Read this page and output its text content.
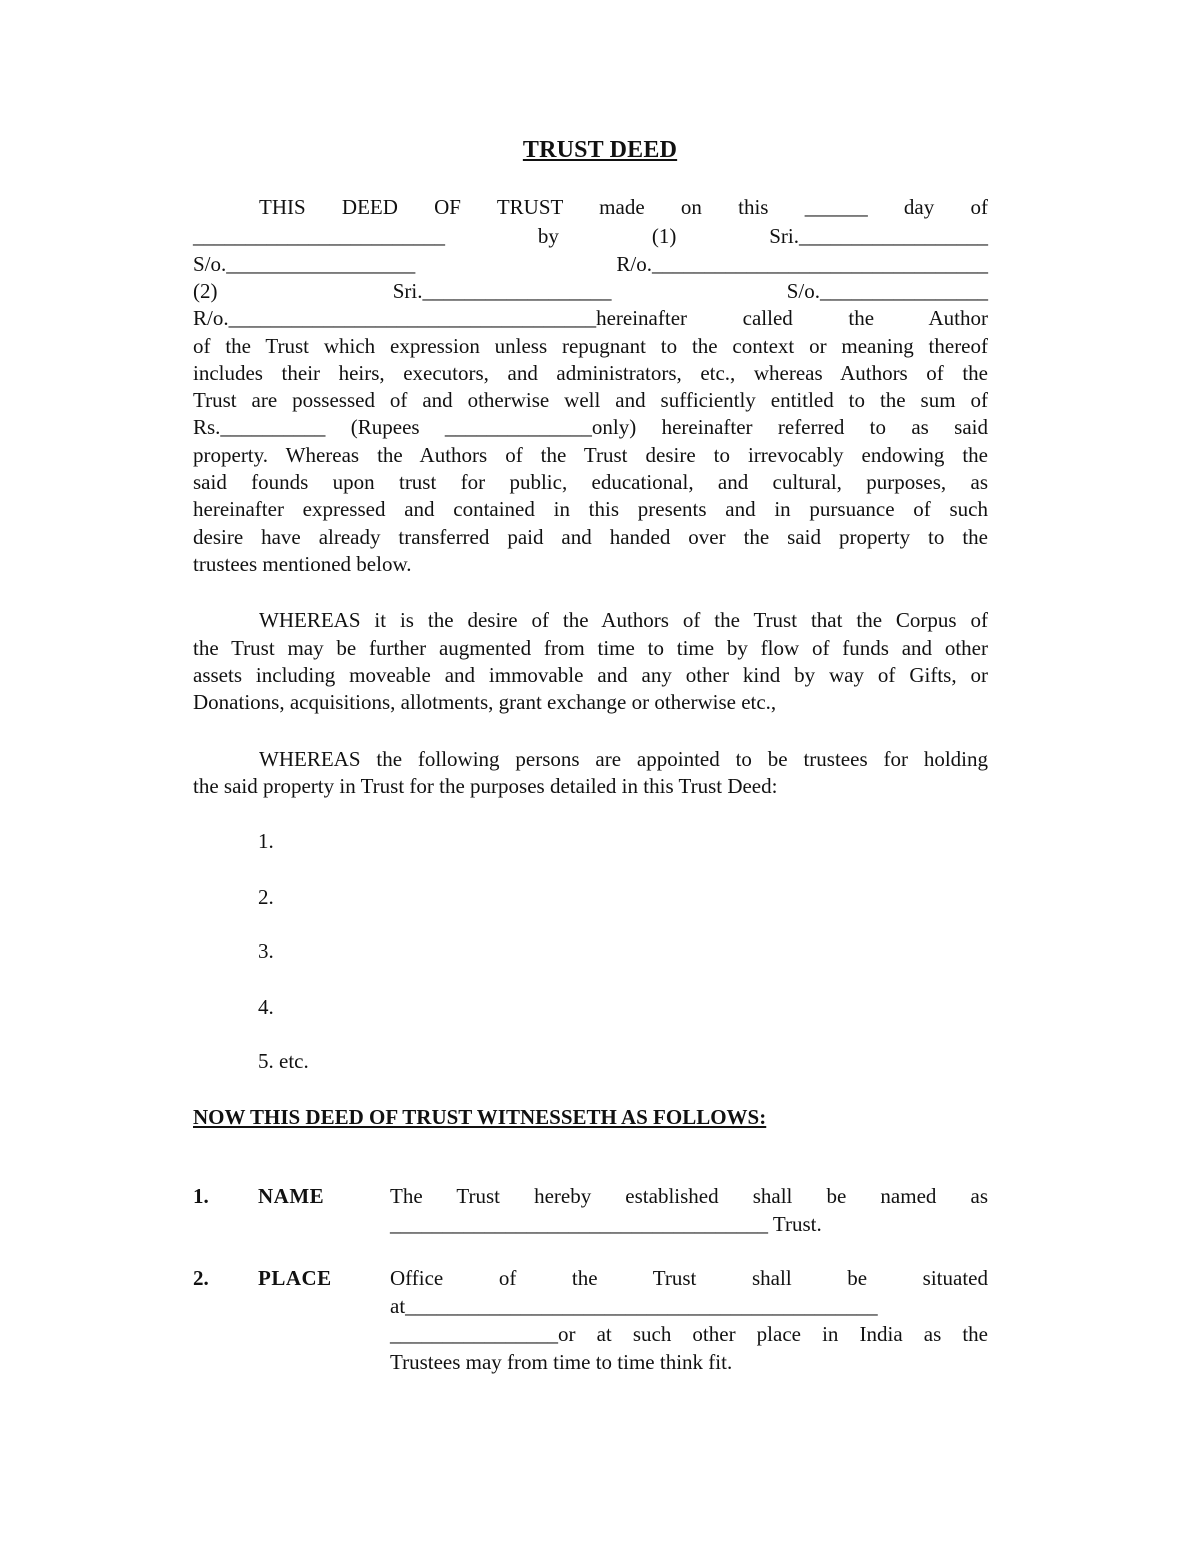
TRUST DEED
THIS DEED OF TRUST made on this ______ day of
________________________ by (1) Sri.__________________
S/o.__________________ R/o.________________________________
(2) Sri.__________________ S/o.________________
R/o.___________________________________hereinafter called the Author
of the Trust which expression unless repugnant to the context or meaning thereof
includes their heirs, executors, and administrators, etc., whereas Authors of the
Trust are possessed of and otherwise well and sufficiently entitled to the sum of
Rs.__________ (Rupees ______________only) hereinafter referred to as said
property. Whereas the Authors of the Trust desire to irrevocably endowing the
said founds upon trust for public, educational, and cultural, purposes, as
hereinafter expressed and contained in this presents and in pursuance of such
desire have already transferred paid and handed over the said property to the
trustees mentioned below.
WHEREAS it is the desire of the Authors of the Trust that the Corpus of
the Trust may be further augmented from time to time by flow of funds and other
assets including moveable and immovable and any other kind by way of Gifts, or
Donations, acquisitions, allotments, grant exchange or otherwise etc.,
WHEREAS the following persons are appointed to be trustees for holding
the said property in Trust for the purposes detailed in this Trust Deed:
1.
2.
3.
4.
5. etc.
NOW THIS DEED OF TRUST WITNESSETH AS FOLLOWS:
1. NAME	The Trust hereby established shall be named as
____________________________________ Trust.
2. PLACE	Office of the Trust shall be situated
at_____________________________________________
________________or at such other place in India as the
Trustees may from time to time think fit.
